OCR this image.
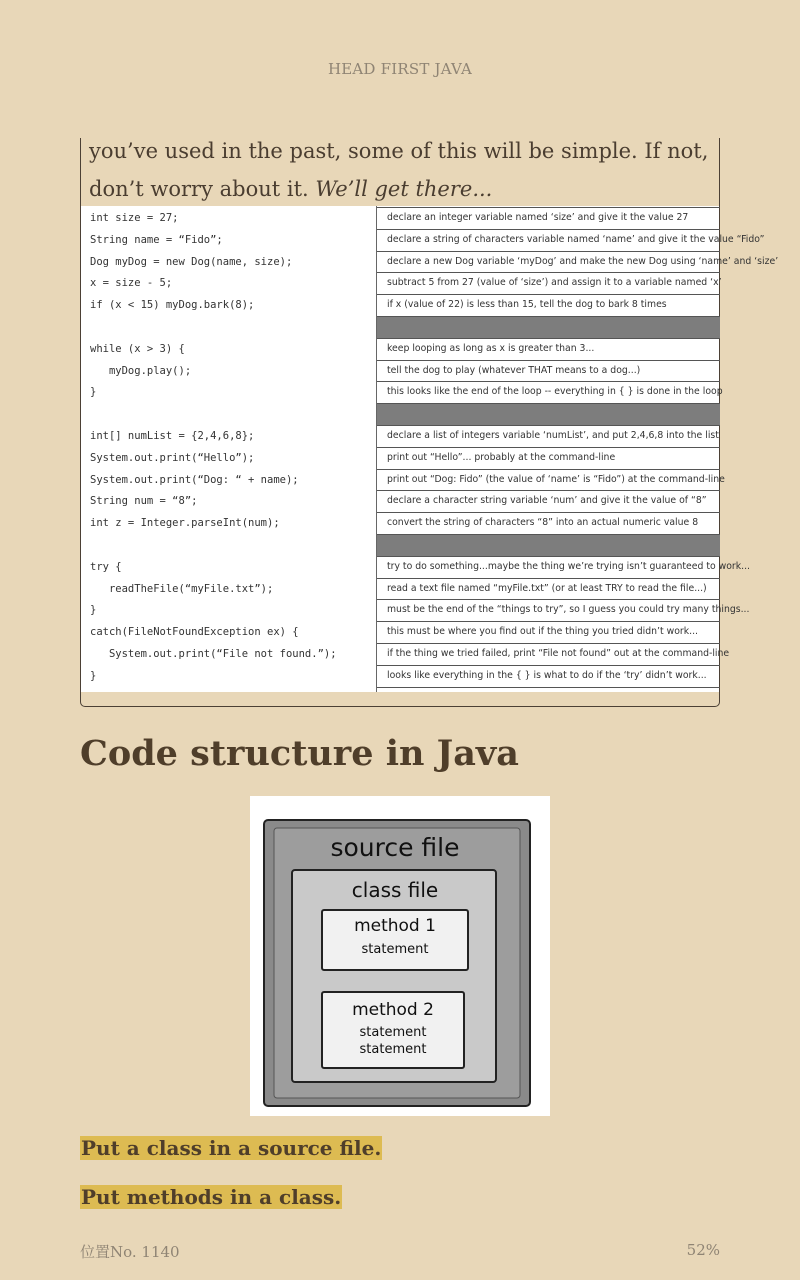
HEAD FIRST JAVA
you’ve used in the past, some of this will be simple. If not,
don’t worry about it. We’ll get there...
int size = 27;
String name = “Fido”;
Dog myDog = new Dog(name, size);
x = size - 5;
if (x < 15) myDog.bark(8);
while (x > 3) {
myDog.play();
}
int[] numList = {2,4,6,8};
System.out.print(“Hello”);
System.out.print(“Dog: “ + name);
String num = “8”;
int z = Integer.parseInt(num);
try {
readTheFile(“myFile.txt”);
}
catch(FileNotFoundException ex) {
System.out.print(“File not found.”);
}
declare an integer variable named ‘size’ and give it the value 27
declare a string of characters variable named ‘name’ and give it the value “Fido”
declare a new Dog variable ‘myDog’ and make the new Dog using ‘name’ and ‘size’
subtract 5 from 27 (value of ‘size’) and assign it to a variable named ‘x’
if x (value of 22) is less than 15, tell the dog to bark 8 times
keep looping as long as x is greater than 3...
tell the dog to play (whatever THAT means to a dog...)
this looks like the end of the loop -- everything in { } is done in the loop
declare a list of integers variable ‘numList’, and put 2,4,6,8 into the list
print out “Hello”... probably at the command-line
print out “Dog: Fido” (the value of ‘name’ is “Fido”) at the command-line
declare a character string variable ‘num’ and give it the value of “8”
convert the string of characters “8” into an actual numeric value 8
try to do something...maybe the thing we’re trying isn’t guaranteed to work...
read a text file named “myFile.txt” (or at least TRY to read the file...)
must be the end of the “things to try”, so I guess you could try many things...
this must be where you find out if the thing you tried didn’t work...
if the thing we tried failed, print “File not found” out at the command-line
looks like everything in the { } is what to do if the ‘try’ didn’t work...
Code structure in Java
source file
class file
method 1
statement
method 2
statement
statement
Put a class in a source file.
Put methods in a class.
位置No. 1140	52%
